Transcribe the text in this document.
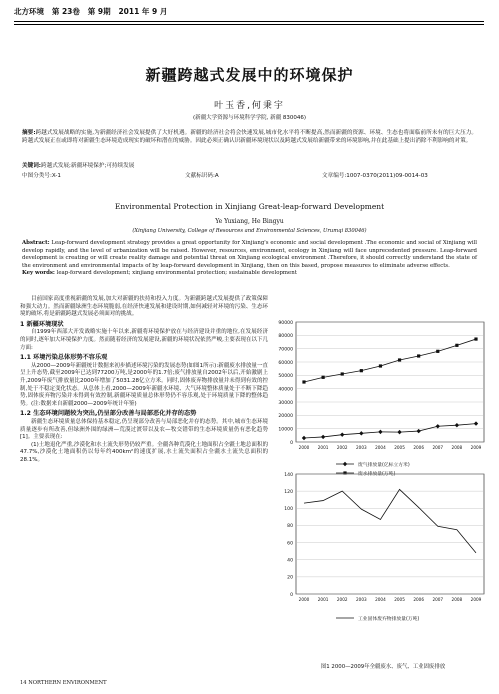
北方环境 第 23卷 第 9期 2011 年 9 月
新疆跨越式发展中的环境保护
叶玉香,何秉宇
(新疆大学资源与环境科学学院, 新疆 830046)
摘要:跨越式发展战略的实施,为新疆经济社会发展提供了大好机遇。新疆的经济社会将会快速发展,城市化水平将不断提高,然而新疆的资源、环境、生态也将面临前所未有的巨大压力。跨越式发展正在或即将对新疆生态环境造成现实的破坏和潜在的威胁。因此必须正确认识新疆环境现状以及跨越式发展给新疆带来的环境影响,并在此基础上提出消除不利影响的对策。
关键词:跨越式发展;新疆环境保护;可持续发展
中图分类号:X-1	文献标识码:A	文章编号:1007-0370(2011)09-0014-03
Environmental Protection in Xinjiang Great-leap-forward Development
Ye Yuxiang, He Bingyu
(Xinjiang University, College of Resources and Environmental Sciences, Urumqi 830046)
Abstract: Leap-forward development strategy provides a great opportunity for Xinjiang's economic and social development .The economic and social of Xinjiang will develop rapidly, and the level of urbanization will be raised. However, resources, environment, ecology in Xinjiang will face unprecedented pressure. Leap-forward development is creating or will create reality damage and potential threat on Xinjiang ecological environment .Therefore, it should correctly understand the state of the environment and environmental impacts of by leap-forward development in Xinjiang, then on this based, propose measures to eliminate adverse effects.
Key words: leap-forward development; xinjiang environmental protection; sustainable development

目前国家高度重视新疆的发展,加大对新疆的扶持和投入力度。为新疆跨越式发展提供了政策保障和强大动力。然而新疆绿洲生态环境脆弱,在经济快速发展和建设时期,如何减轻对环境的污染、生态环境的破坏,将是新疆跨越式发展必须面对的挑战。

1 新疆环境现状

自1999年西部大开发战略实施十年以来,新疆将环境保护放在与经济建设并重的地位,在发展经济的同时,逐年加大环境保护力度。然而随着经济的发展建设,新疆的环境状况依然严峻,主要表现在以下几方面:

1.1 环境污染总体形势不容乐观

从2000—2009年新疆统计数据来初步描述环境污染的发展态势(如图1所示):新疆废水排放量一直呈上升态势,截至2009年已达到77200万吨,是2000年的1.7倍;废气排放量自2002年以后,开始激剧上升,2009年废气排放量比2000年增加了5031.28亿立方米。同时,固体废弃物排放量并未得到有效的控制,处于不稳定变化状态。从总体上看,2000—2009年新疆水环境、大气环境整体质量处于不断下降趋势,固体废弃物污染并未得到有效控制,新疆环境质量总体形势仍不容乐观,处于环境质量下降的整体趋势。(注:数据来自新疆2000—2009年统计年鉴)

1.2 生态环境问题较为突出,仍呈部分改善与局部恶化并存的态势

新疆生态环境质量总体保持基本稳定,仍呈现部分改善与局部恶化并存的态势。其中,城市生态环境质量逐步有所改善,但绿洲外围的绿洲—荒漠过渡带以及农—牧交错带的生态环境质量仍有恶化趋势[1]。主要表现在:

(1)土地退化严重,沙漠化和水土流失形势仍较严重。全疆各种荒漠化土地面积占全疆土地总面积的47.7%,沙漠化土地面积仍以每年约400km²的速度扩展,水土流失面积占全疆水土流失总面积的28.1%。

0
10000
20000
30000
40000
50000
60000
70000
80000
90000
2000 2001 2002 2003 2004 2005 2006 2007 2008 2009
废气排放量(亿标立方米)
废水排放量(万吨)
0
20
40
60
80
100
120
140
2000 2001 2002 2003 2004 2005 2006 2007 2008 2009
工业固体废弃物排放量(万吨)
图1 2000—2009年全疆废水、废气、工业固废排放
14 NORTHERN ENVIRONMENT
